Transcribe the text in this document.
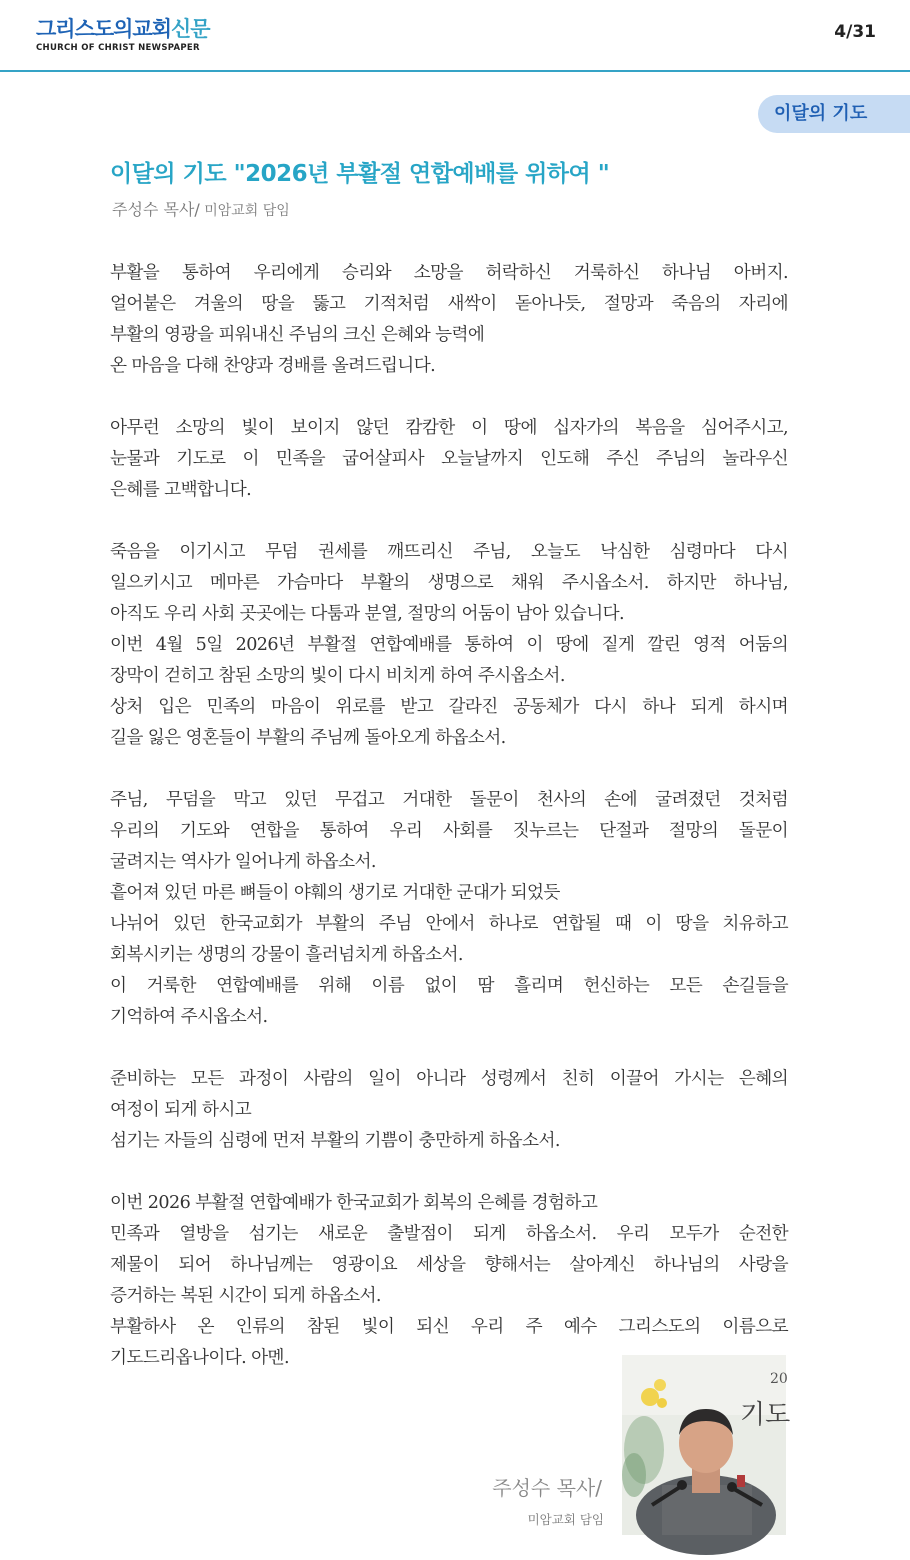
그리스도의교회신문
CHURCH OF CHRIST NEWSPAPER
4/31
이달의 기도
이달의 기도 "2026년 부활절 연합예배를 위하여 "
주성수 목사/ 미암교회 담임
부활을 통하여 우리에게 승리와 소망을 허락하신 거룩하신 하나님 아버지.
얼어붙은 겨울의 땅을 뚫고 기적처럼 새싹이 돋아나듯, 절망과 죽음의 자리에
부활의 영광을 피워내신 주님의 크신 은혜와 능력에
온 마음을 다해 찬양과 경배를 올려드립니다.
아무런 소망의 빛이 보이지 않던 캄캄한 이 땅에 십자가의 복음을 심어주시고,
눈물과 기도로 이 민족을 굽어살피사 오늘날까지 인도해 주신 주님의 놀라우신
은혜를 고백합니다.
죽음을 이기시고 무덤 권세를 깨뜨리신 주님, 오늘도 낙심한 심령마다 다시
일으키시고 메마른 가슴마다 부활의 생명으로 채워 주시옵소서. 하지만 하나님,
아직도 우리 사회 곳곳에는 다툼과 분열, 절망의 어둠이 남아 있습니다.
이번 4월 5일 2026년 부활절 연합예배를 통하여 이 땅에 짙게 깔린 영적 어둠의
장막이 걷히고 참된 소망의 빛이 다시 비치게 하여 주시옵소서.
상처 입은 민족의 마음이 위로를 받고 갈라진 공동체가 다시 하나 되게 하시며
길을 잃은 영혼들이 부활의 주님께 돌아오게 하옵소서.
주님, 무덤을 막고 있던 무겁고 거대한 돌문이 천사의 손에 굴려졌던 것처럼
우리의 기도와 연합을 통하여 우리 사회를 짓누르는 단절과 절망의 돌문이
굴려지는 역사가 일어나게 하옵소서.
흩어져 있던 마른 뼈들이 야훼의 생기로 거대한 군대가 되었듯
나뉘어 있던 한국교회가 부활의 주님 안에서 하나로 연합될 때 이 땅을 치유하고
회복시키는 생명의 강물이 흘러넘치게 하옵소서.
이 거룩한 연합예배를 위해 이름 없이 땀 흘리며 헌신하는 모든 손길들을
기억하여 주시옵소서.
준비하는 모든 과정이 사람의 일이 아니라 성령께서 친히 이끌어 가시는 은혜의
여정이 되게 하시고
섬기는 자들의 심령에 먼저 부활의 기쁨이 충만하게 하옵소서.
이번 2026 부활절 연합예배가 한국교회가 회복의 은혜를 경험하고
민족과 열방을 섬기는 새로운 출발점이 되게 하옵소서. 우리 모두가 순전한
제물이 되어 하나님께는 영광이요 세상을 향해서는 살아계신 하나님의 사랑을
증거하는 복된 시간이 되게 하옵소서.
부활하사 온 인류의 참된 빛이 되신 우리 주 예수 그리스도의 이름으로
기도드리옵나이다. 아멘.
주성수 목사/
미암교회 담임
20
기도
